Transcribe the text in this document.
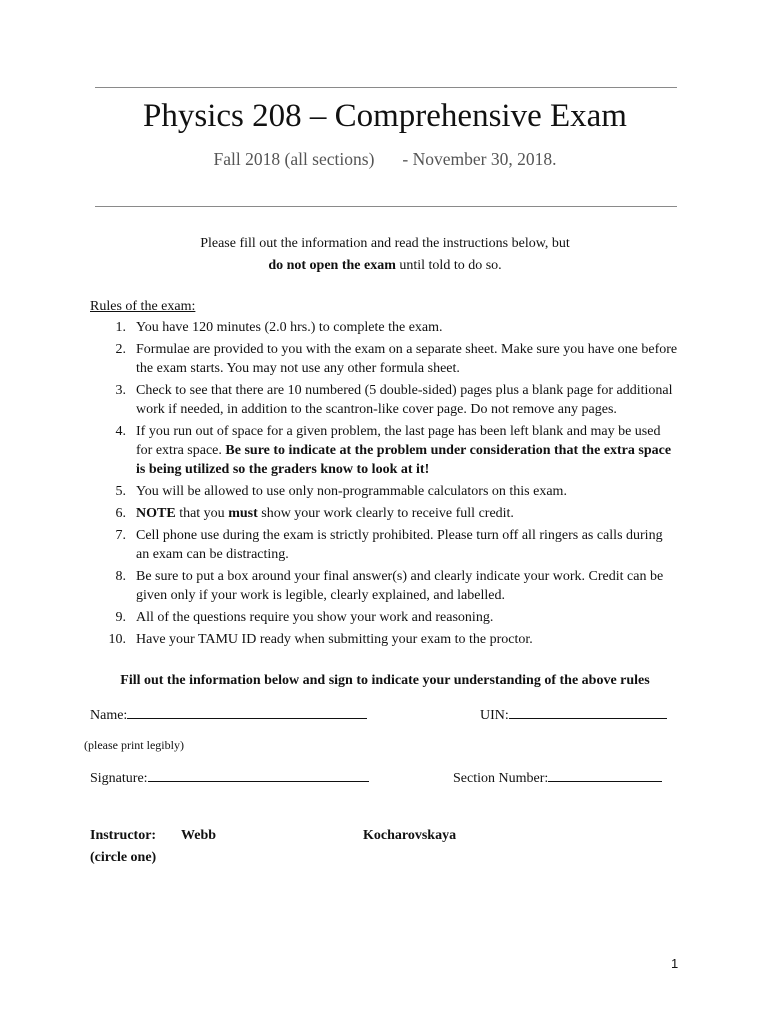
Physics 208 – Comprehensive Exam
Fall 2018 (all sections) - November 30, 2018.
Please fill out the information and read the instructions below, but
do not open the exam until told to do so.
Rules of the exam:
1. You have 120 minutes (2.0 hrs.) to complete the exam.
2. Formulae are provided to you with the exam on a separate sheet. Make sure you have one before the exam starts. You may not use any other formula sheet.
3. Check to see that there are 10 numbered (5 double-sided) pages plus a blank page for additional work if needed, in addition to the scantron-like cover page. Do not remove any pages.
4. If you run out of space for a given problem, the last page has been left blank and may be used for extra space. Be sure to indicate at the problem under consideration that the extra space is being utilized so the graders know to look at it!
5. You will be allowed to use only non-programmable calculators on this exam.
6. NOTE that you must show your work clearly to receive full credit.
7. Cell phone use during the exam is strictly prohibited. Please turn off all ringers as calls during an exam can be distracting.
8. Be sure to put a box around your final answer(s) and clearly indicate your work. Credit can be given only if your work is legible, clearly explained, and labelled.
9. All of the questions require you show your work and reasoning.
10. Have your TAMU ID ready when submitting your exam to the proctor.
Fill out the information below and sign to indicate your understanding of the above rules
Name:	UIN:
(please print legibly)
Signature:	Section Number:
Instructor: Webb	Kocharovskaya
(circle one)
1
